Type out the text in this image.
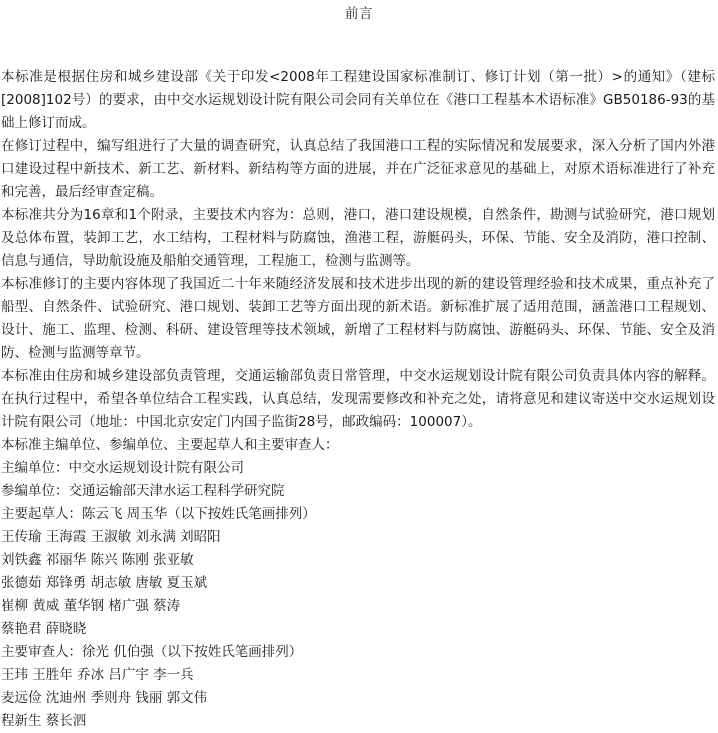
前言

本标准是根据住房和城乡建设部《关于印发<2008年工程建设国家标准制订、修订计划（第一批）>的通知》（建标[2008]102号）的要求，由中交水运规划设计院有限公司会同有关单位在《港口工程基本术语标准》GB50186-93的基础上修订而成。

在修订过程中，编写组进行了大量的调查研究，认真总结了我国港口工程的实际情况和发展要求，深入分析了国内外港口建设过程中新技术、新工艺、新材料、新结构等方面的进展，并在广泛征求意见的基础上，对原术语标准进行了补充和完善，最后经审查定稿。

本标准共分为16章和1个附录，主要技术内容为：总则，港口，港口建设规模，自然条件，勘测与试验研究，港口规划及总体布置，装卸工艺，水工结构，工程材料与防腐蚀，渔港工程，游艇码头，环保、节能、安全及消防，港口控制、信息与通信，导助航设施及船舶交通管理，工程施工，检测与监测等。

本标准修订的主要内容体现了我国近二十年来随经济发展和技术进步出现的新的建设管理经验和技术成果，重点补充了船型、自然条件、试验研究、港口规划、装卸工艺等方面出现的新术语。新标准扩展了适用范围，涵盖港口工程规划、设计、施工、监理、检测、科研、建设管理等技术领域，新增了工程材料与防腐蚀、游艇码头、环保、节能、安全及消防、检测与监测等章节。

本标准由住房和城乡建设部负责管理，交通运输部负责日常管理，中交水运规划设计院有限公司负责具体内容的解释。在执行过程中，希望各单位结合工程实践，认真总结，发现需要修改和补充之处，请将意见和建议寄送中交水运规划设计院有限公司（地址：中国北京安定门内国子监街28号，邮政编码：100007）。

本标准主编单位、参编单位、主要起草人和主要审查人：

主编单位：中交水运规划设计院有限公司

参编单位：交通运输部天津水运工程科学研究院

主要起草人：陈云飞 周玉华（以下按姓氏笔画排列）

王传瑜 王海霞 王淑敏 刘永满 刘昭阳

刘铁鑫 祁丽华 陈兴 陈刚 张亚敏

张德茹 郑锋勇 胡志敏 唐敏 夏玉斌

崔柳 黄威 董华钢 楮广强 蔡涛

蔡艳君 薛晓晓

主要审查人：徐光 仉伯强（以下按姓氏笔画排列）

王玮 王胜年 乔冰 吕广宇 李一兵

麦远俭 沈迪州 季则舟 钱丽 郭文伟

程新生 蔡长泗
